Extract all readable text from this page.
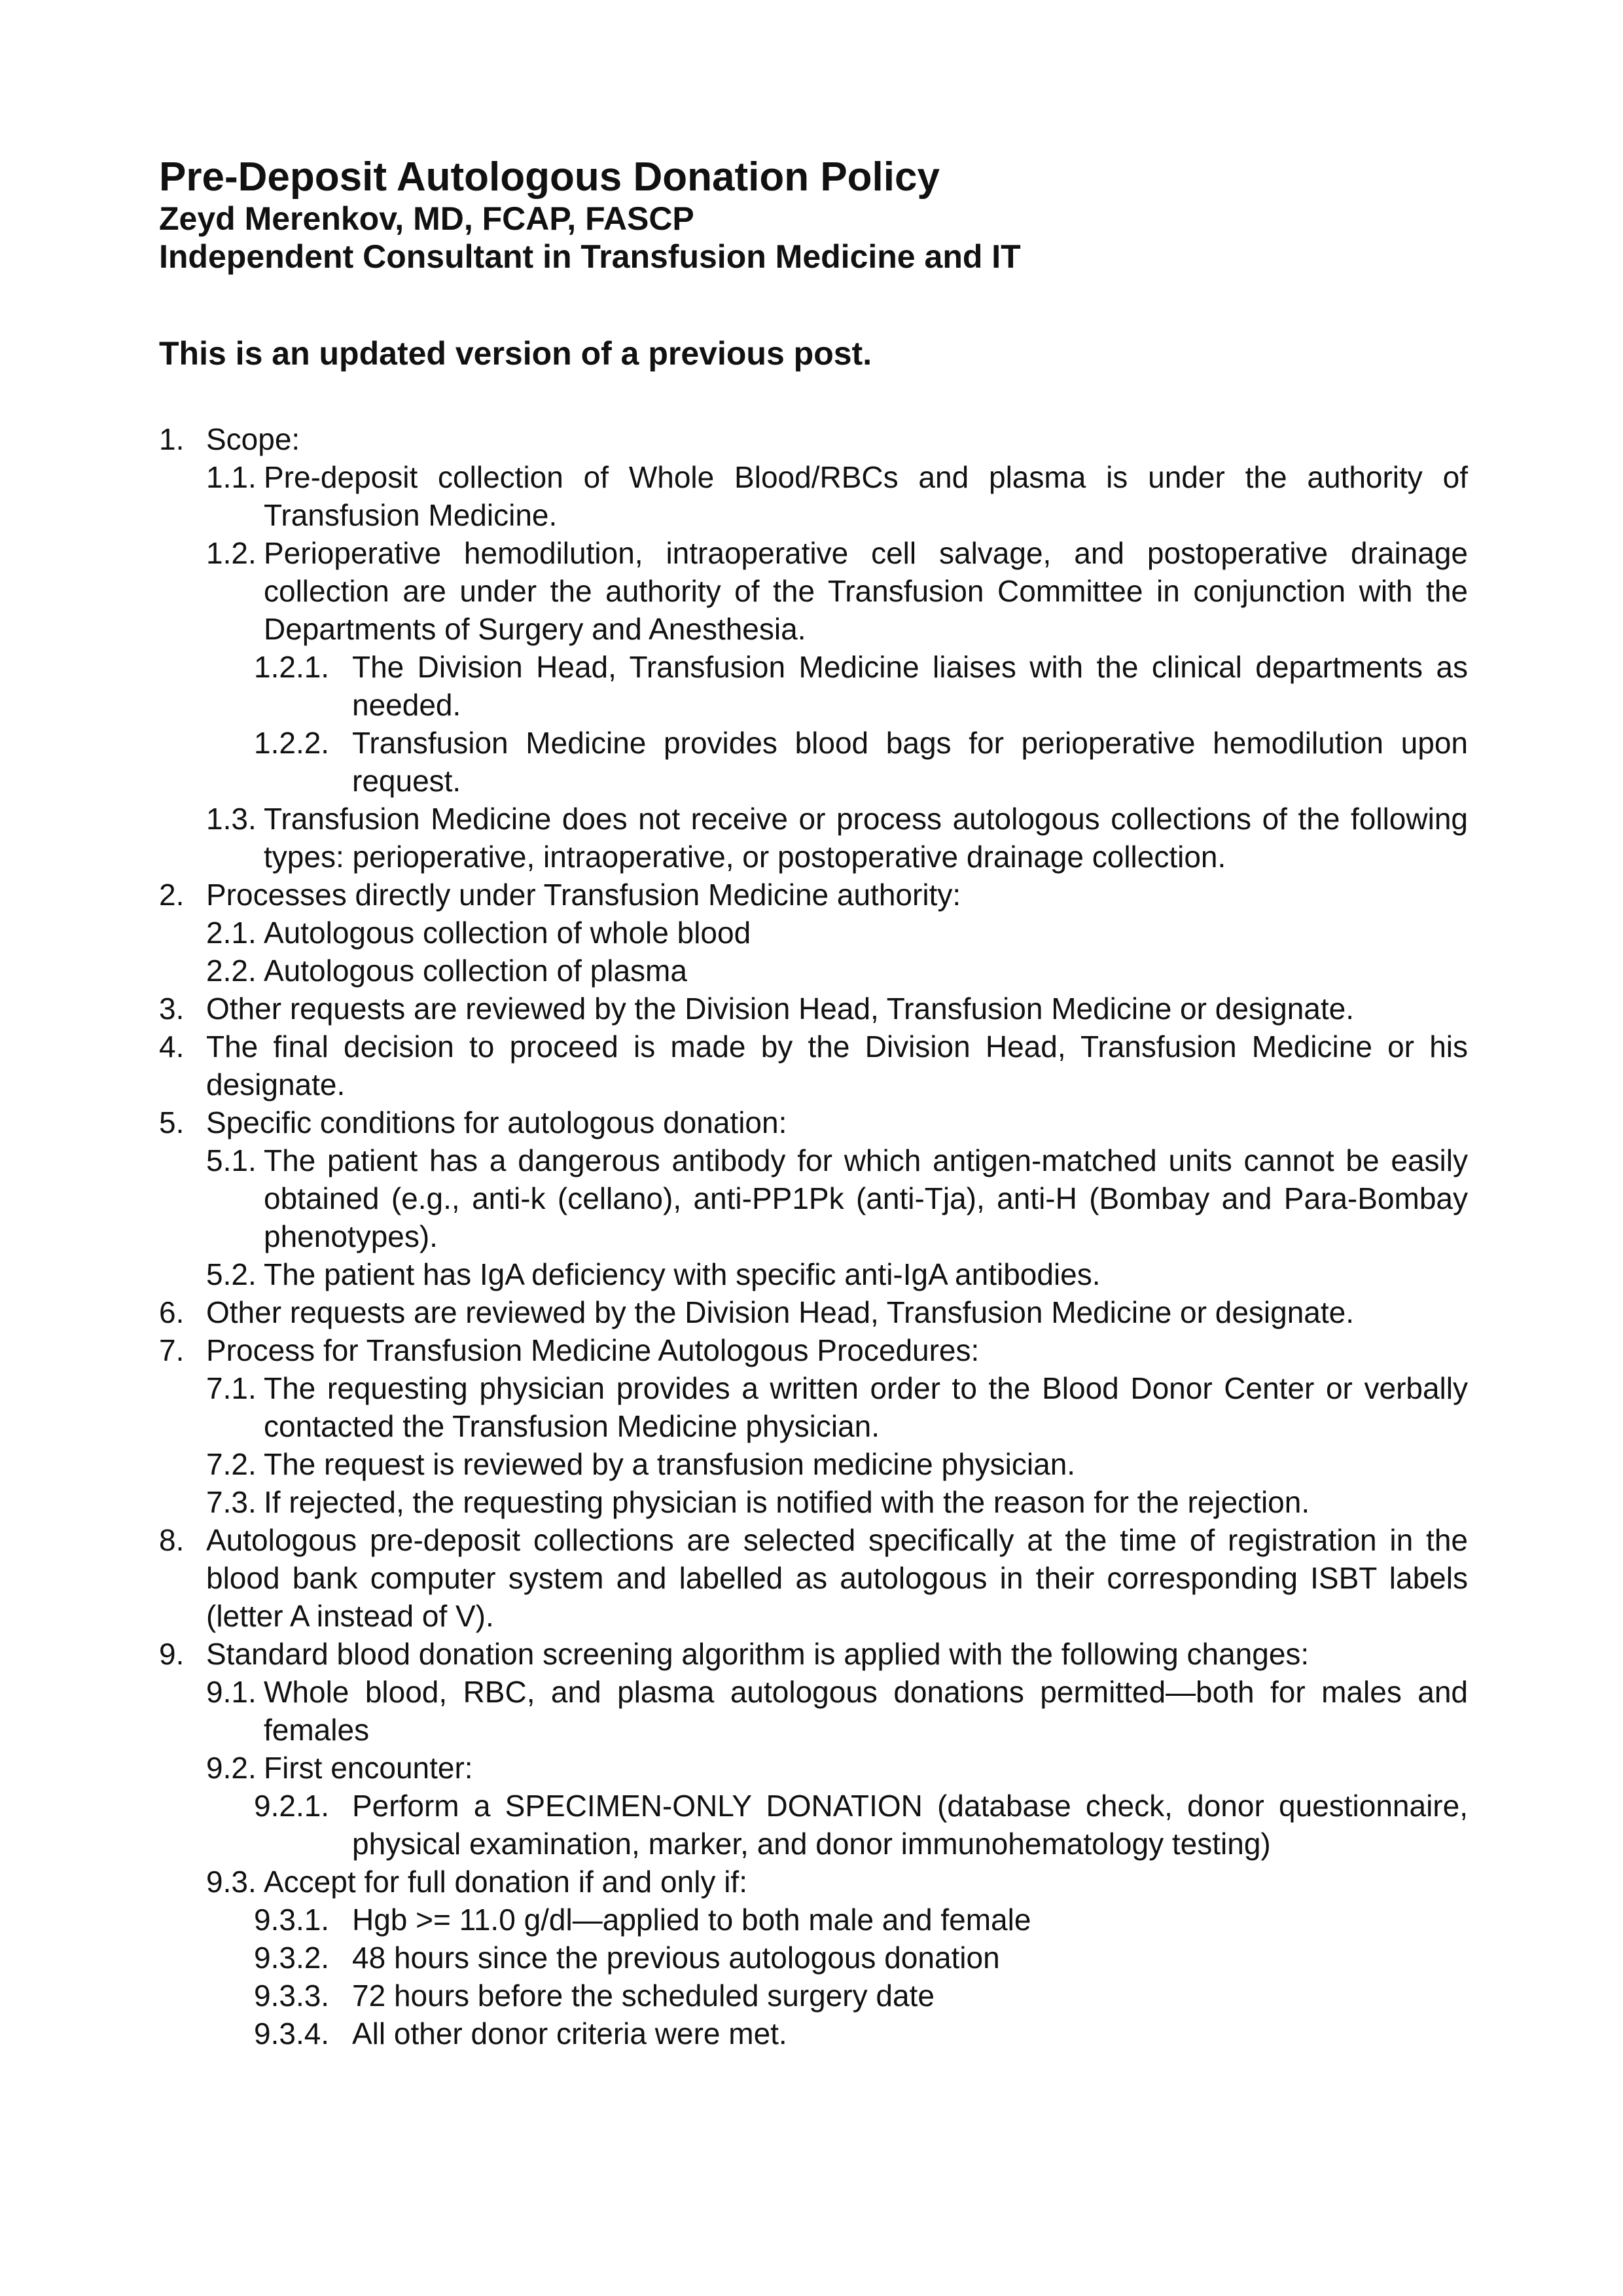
Pre-Deposit Autologous Donation Policy
Zeyd Merenkov, MD, FCAP, FASCP
Independent Consultant in Transfusion Medicine and IT
This is an updated version of a previous post.
1. Scope:
1.1. Pre-deposit collection of Whole Blood/RBCs and plasma is under the authority of Transfusion Medicine.
1.2. Perioperative hemodilution, intraoperative cell salvage, and postoperative drainage collection are under the authority of the Transfusion Committee in conjunction with the Departments of Surgery and Anesthesia.
1.2.1. The Division Head, Transfusion Medicine liaises with the clinical departments as needed.
1.2.2. Transfusion Medicine provides blood bags for perioperative hemodilution upon request.
1.3. Transfusion Medicine does not receive or process autologous collections of the following types: perioperative, intraoperative, or postoperative drainage collection.
2. Processes directly under Transfusion Medicine authority:
2.1. Autologous collection of whole blood
2.2. Autologous collection of plasma
3. Other requests are reviewed by the Division Head, Transfusion Medicine or designate.
4. The final decision to proceed is made by the Division Head, Transfusion Medicine or his designate.
5. Specific conditions for autologous donation:
5.1. The patient has a dangerous antibody for which antigen-matched units cannot be easily obtained (e.g., anti-k (cellano), anti-PP1Pk (anti-Tja), anti-H (Bombay and Para-Bombay phenotypes).
5.2. The patient has IgA deficiency with specific anti-IgA antibodies.
6. Other requests are reviewed by the Division Head, Transfusion Medicine or designate.
7. Process for Transfusion Medicine Autologous Procedures:
7.1. The requesting physician provides a written order to the Blood Donor Center or verbally contacted the Transfusion Medicine physician.
7.2. The request is reviewed by a transfusion medicine physician.
7.3. If rejected, the requesting physician is notified with the reason for the rejection.
8. Autologous pre-deposit collections are selected specifically at the time of registration in the blood bank computer system and labelled as autologous in their corresponding ISBT labels (letter A instead of V).
9. Standard blood donation screening algorithm is applied with the following changes:
9.1. Whole blood, RBC, and plasma autologous donations permitted—both for males and females
9.2. First encounter:
9.2.1. Perform a SPECIMEN-ONLY DONATION (database check, donor questionnaire, physical examination, marker, and donor immunohematology testing)
9.3. Accept for full donation if and only if:
9.3.1. Hgb >= 11.0 g/dl—applied to both male and female
9.3.2. 48 hours since the previous autologous donation
9.3.3. 72 hours before the scheduled surgery date
9.3.4. All other donor criteria were met.
